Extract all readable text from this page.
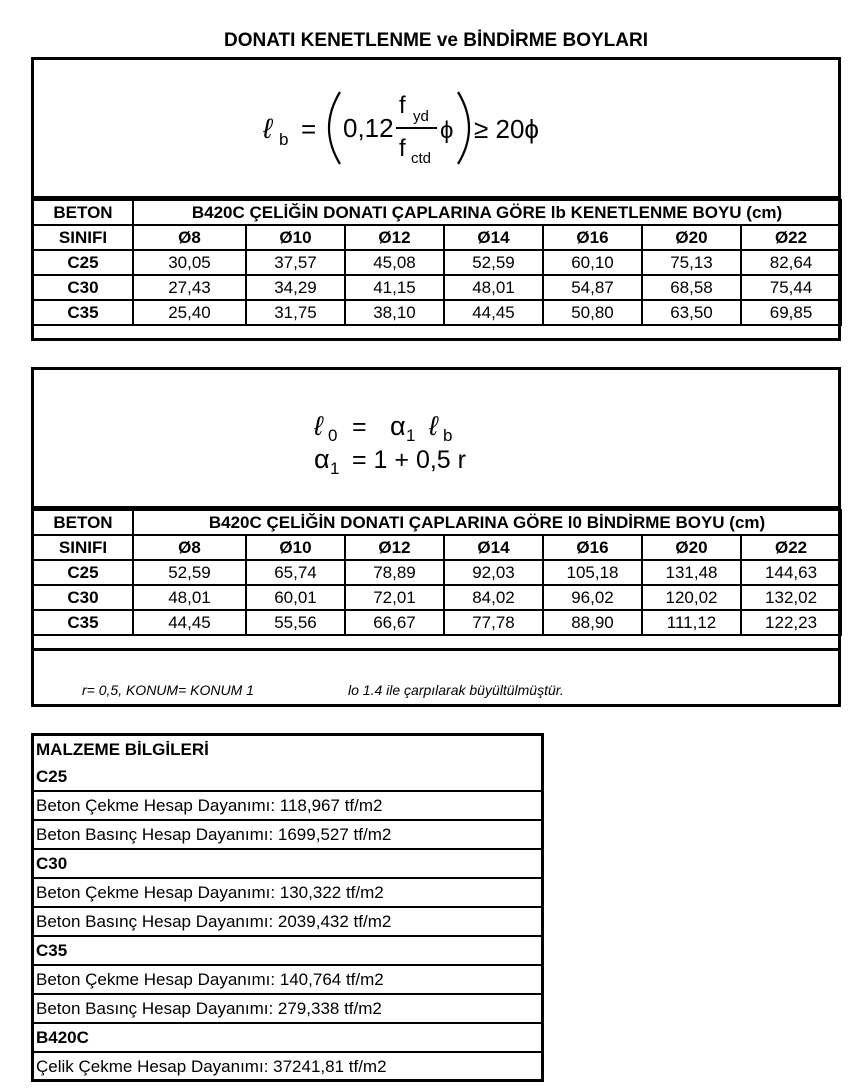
DONATI KENETLENME ve BİNDİRME BOYLARI
ℓ b = 0,12
f yd
f ctd
ϕ ≥ 20ϕ
BETON	B420C ÇELİĞİN DONATI ÇAPLARINA GÖRE lb KENETLENME BOYU (cm)						
SINIFI	Ø8	Ø10	Ø12	Ø14	Ø16	Ø20	Ø22
C25	30,05	37,57	45,08	52,59	60,10	75,13	82,64
C30	27,43	34,29	41,15	48,01	54,87	68,58	75,44
C35	25,40	31,75	38,10	44,45	50,80	63,50	69,85
ℓ 0 = α 1 ℓ b
α 1 = 1 + 0,5 r
BETON	B420C ÇELİĞİN DONATI ÇAPLARINA GÖRE l0 BİNDİRME BOYU (cm)						
SINIFI	Ø8	Ø10	Ø12	Ø14	Ø16	Ø20	Ø22
C25	52,59	65,74	78,89	92,03	105,18	131,48	144,63
C30	48,01	60,01	72,01	84,02	96,02	120,02	132,02
C35	44,45	55,56	66,67	77,78	88,90	111,12	122,23
r= 0,5, KONUM= KONUM 1	lo 1.4 ile çarpılarak büyültülmüştür.
MALZEME BİLGİLERİ
C25
Beton Çekme Hesap Dayanımı: 118,967 tf/m2
Beton Basınç Hesap Dayanımı: 1699,527 tf/m2
C30
Beton Çekme Hesap Dayanımı: 130,322 tf/m2
Beton Basınç Hesap Dayanımı: 2039,432 tf/m2
C35
Beton Çekme Hesap Dayanımı: 140,764 tf/m2
Beton Basınç Hesap Dayanımı: 279,338 tf/m2
B420C
Çelik Çekme Hesap Dayanımı: 37241,81 tf/m2
